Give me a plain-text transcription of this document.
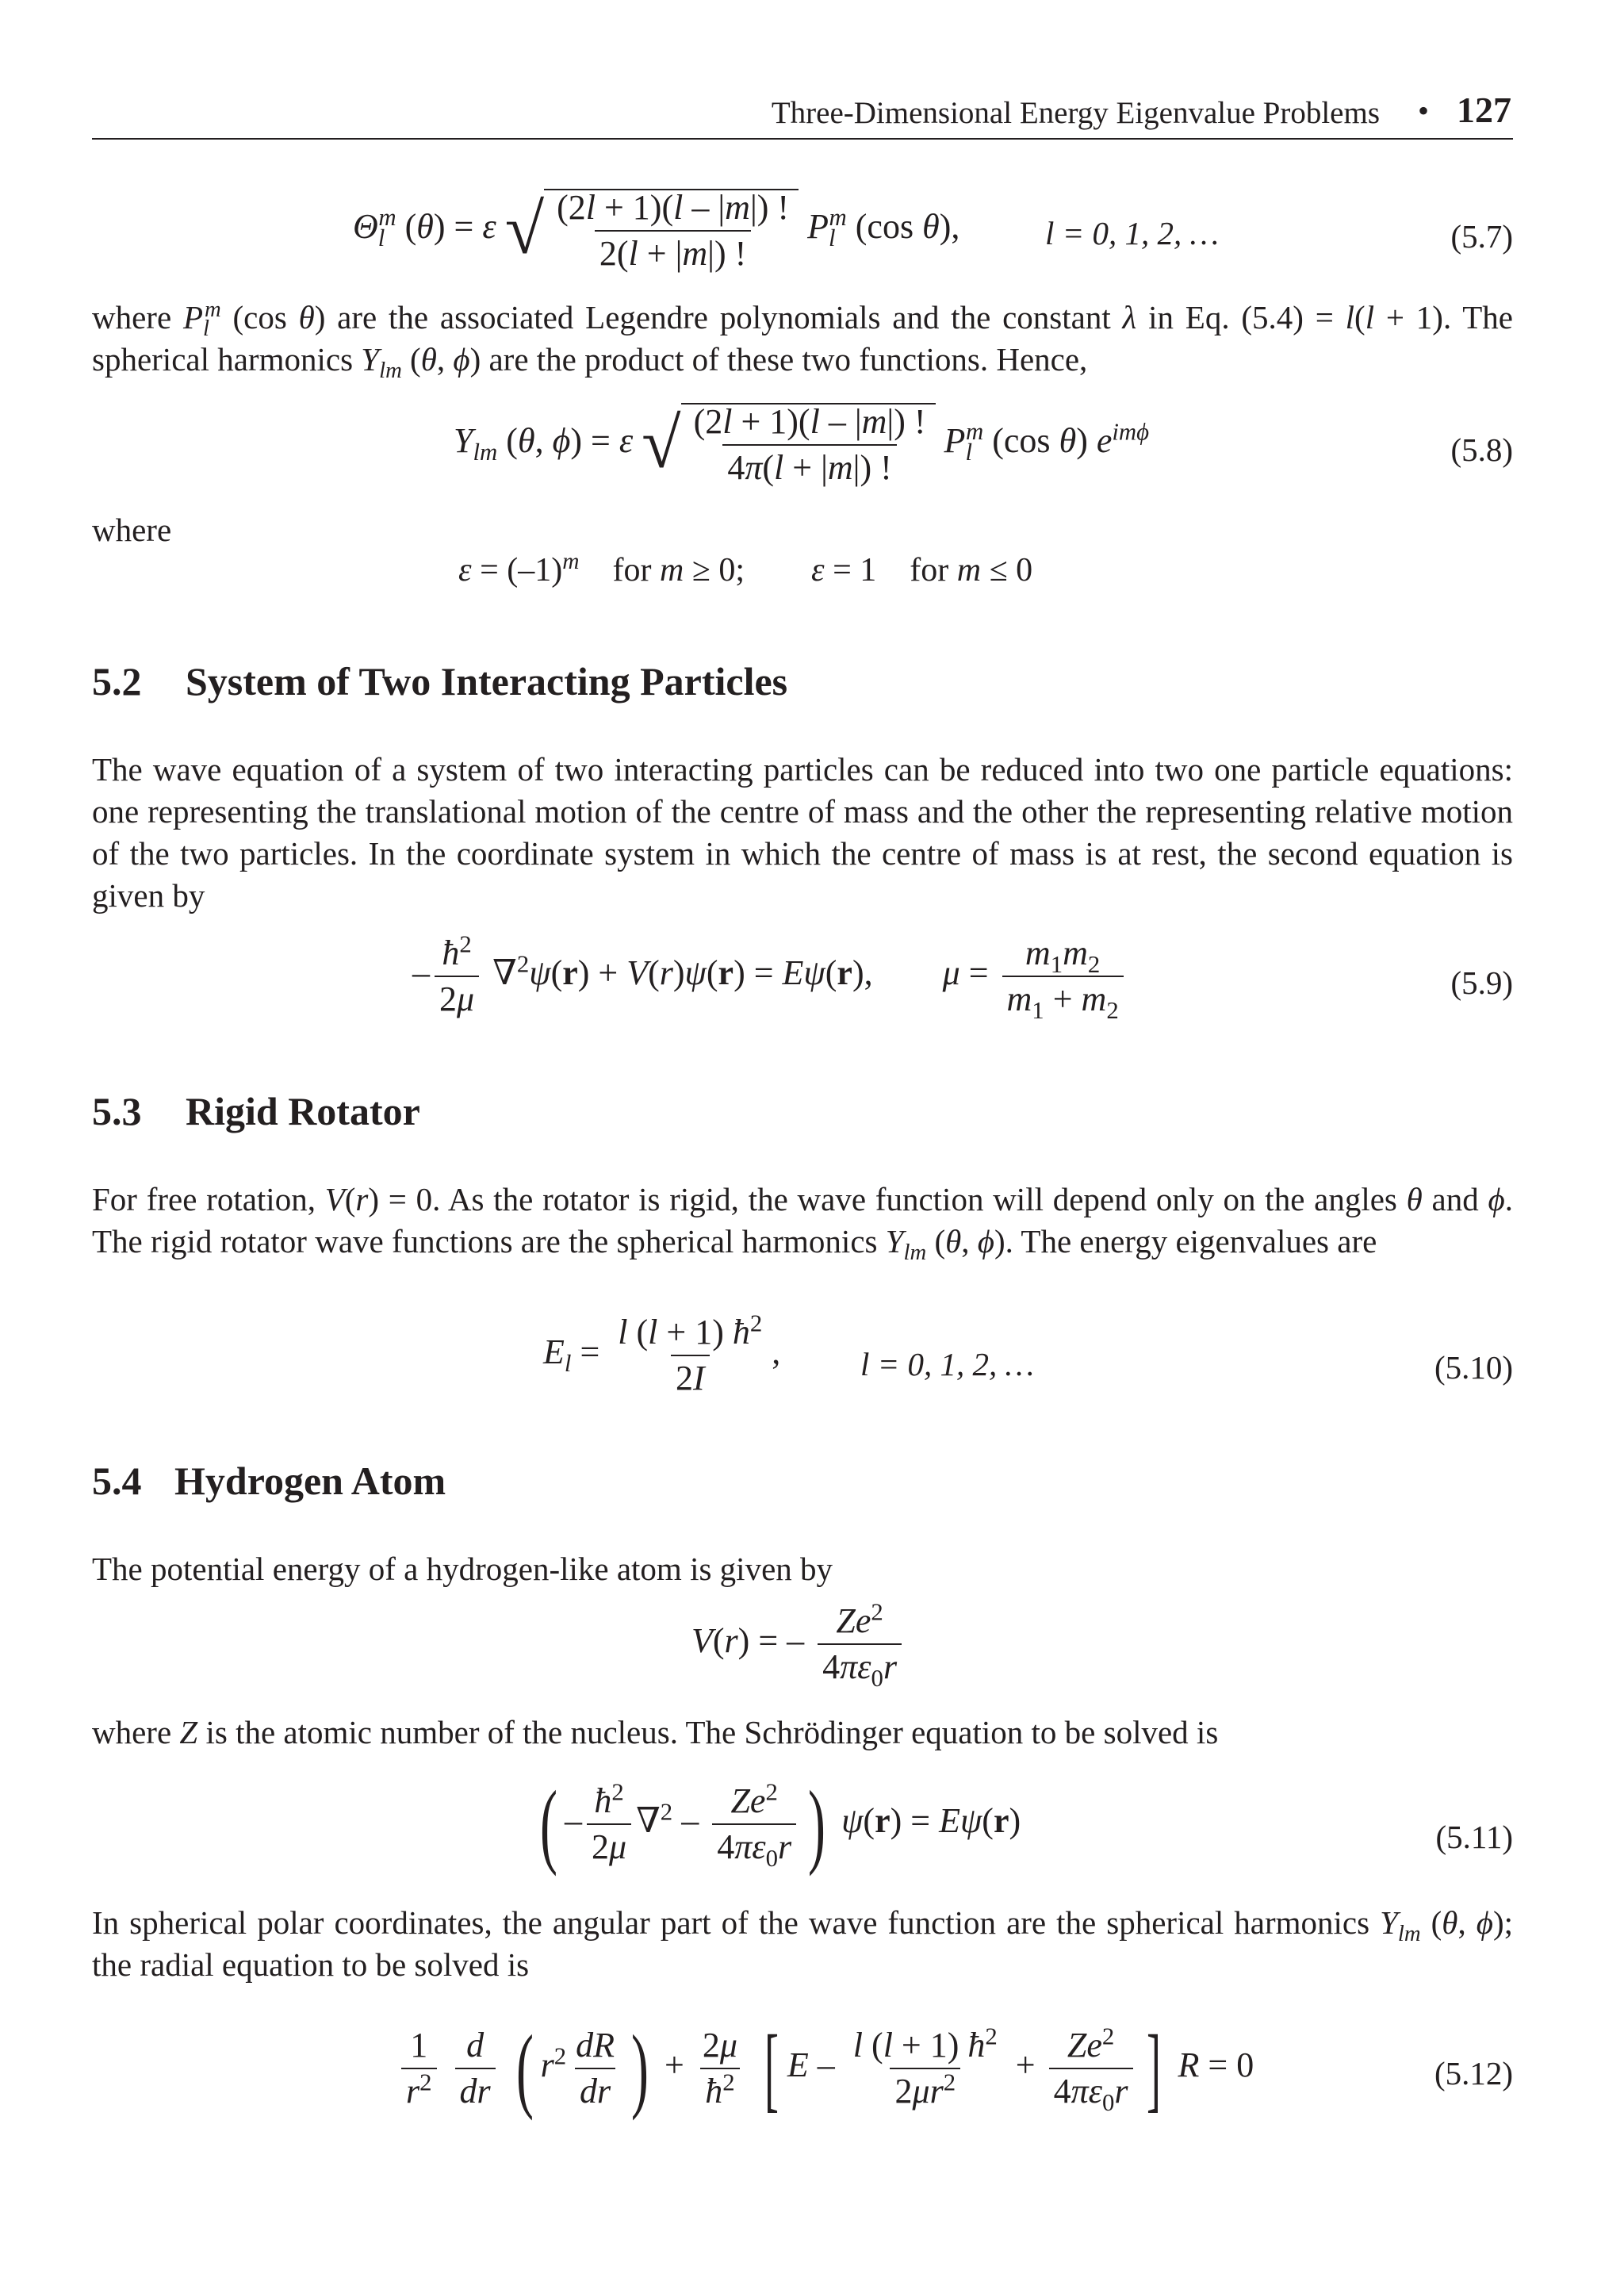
Three-Dimensional Energy Eigenvalue Problems • 127
$\Theta_l^m$ (θ) = ε √ $\frac{(2l + 1)(l - |m|) !}{2(l + |m|) !} P_l^m$ (cos θ),	l = 0, 1, 2, …	(5.7)
where $P_l^m$ (cos θ) are the associated Legendre polynomials and the constant λ in Eq. (5.4) = l(l + 1). The spherical harmonics $Y_{lm}$ (θ, ϕ) are the product of these two functions. Hence,
$Y_{lm}$ (θ, ϕ) = ε √ $\frac{(2l + 1)(l - |m|) !}{4\pi(l + |m|) !} P_l^m$ (cos θ) $e^{im\phi}$	(5.8)
where
$\varepsilon = (-1)^m$    for m ≥ 0;        ε = 1    for m ≤ 0
5.2 System of Two Interacting Particles
The wave equation of a system of two interacting particles can be reduced into two one particle equations: one representing the translational motion of the centre of mass and the other the representing relative motion of the two particles. In the coordinate system in which the centre of mass is at rest, the second equation is given by
– $\frac{ħ^2}{2\mu} \nabla^2\psi(r) + V(r)\psi(r) = E\psi(r)$,        $\mu = \frac{m_1m_2}{m_1 + m_2}$	(5.9)
5.3 Rigid Rotator
For free rotation, V(r) = 0. As the rotator is rigid, the wave function will depend only on the angles θ and ϕ. The rigid rotator wave functions are the spherical harmonics $Y_{lm}$ (θ, ϕ). The energy eigenvalues are
$E_l = \frac{l (l + 1) ħ^2}{2I}$ , l = 0, 1, 2, …	(5.10)
5.4 Hydrogen Atom
The potential energy of a hydrogen-like atom is given by
V(r) = – $\frac{Ze^2}{4\pi\varepsilon_0r}$
where Z is the atomic number of the nucleus. The Schrödinger equation to be solved is
( – $\frac{ħ^2}{2\mu} \nabla^2 - \frac{Ze^2}{4\pi\varepsilon_0r}$ ) ψ(r) = Eψ(r)	(5.11)
In spherical polar coordinates, the angular part of the wave function are the spherical harmonics $Y_{lm}$ (θ, ϕ); the radial equation to be solved is
$\frac{1}{r^2}$
$\frac{d}{dr}$ ( $r^2 \frac{dR}{dr}$ ) + $\frac{2\mu}{ħ^2}$ [ $E - \frac{l (l + 1) ħ^2}{2\mu r^2} + \frac{Ze^2}{4\pi\varepsilon_0r}$ ] R = 0	(5.12)
